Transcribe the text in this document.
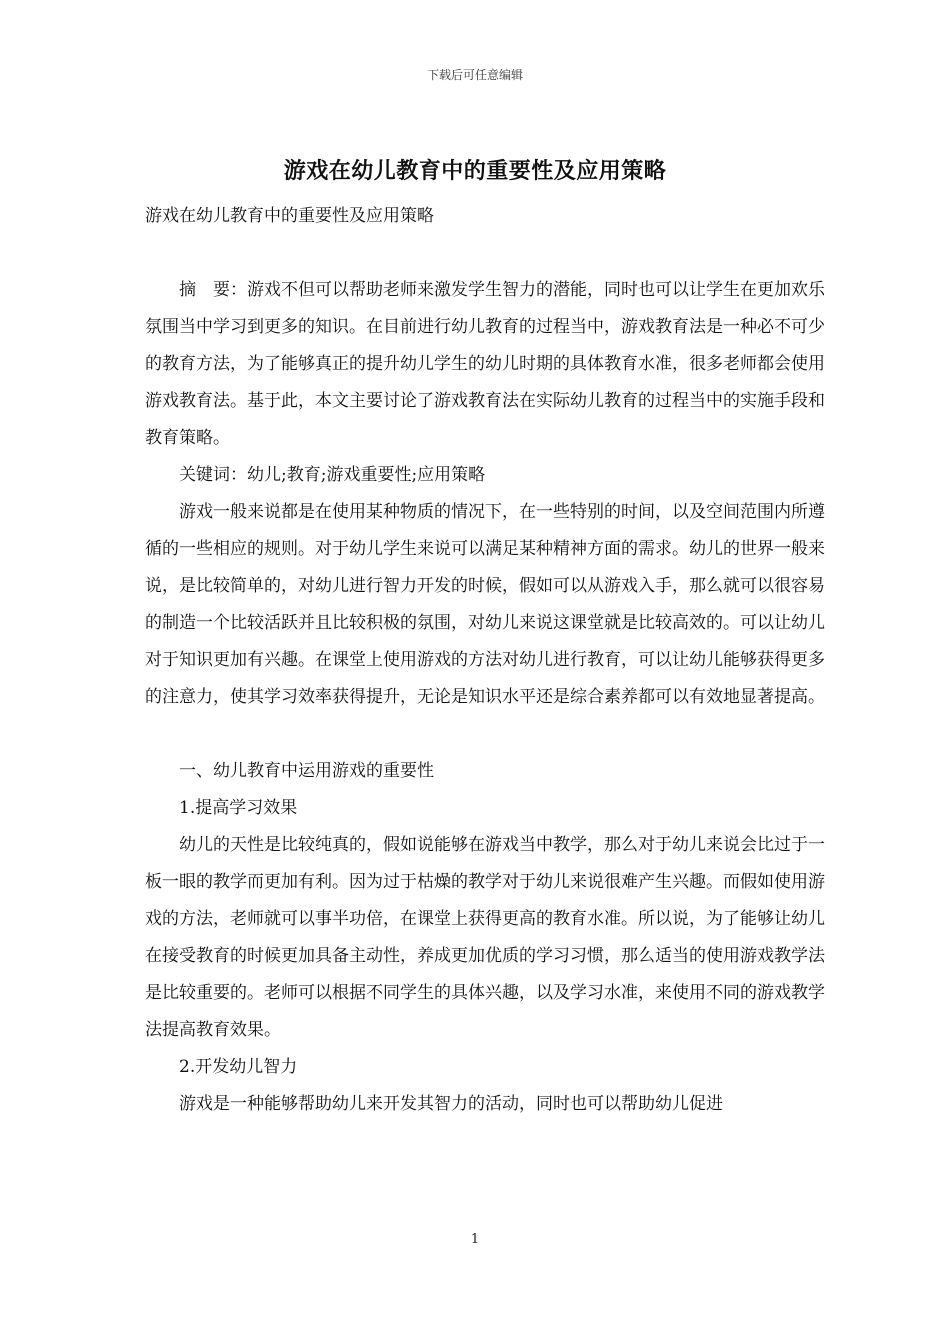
下载后可任意编辑
游戏在幼儿教育中的重要性及应用策略

游戏在幼儿教育中的重要性及应用策略

摘　要：游戏不但可以帮助老师来激发学生智力的潜能，同时也可以让学生在更加欢乐氛围当中学习到更多的知识。在目前进行幼儿教育的过程当中，游戏教育法是一种必不可少的教育方法，为了能够真正的提升幼儿学生的幼儿时期的具体教育水准，很多老师都会使用游戏教育法。基于此，本文主要讨论了游戏教育法在实际幼儿教育的过程当中的实施手段和教育策略。

关键词：幼儿;教育;游戏重要性;应用策略

游戏一般来说都是在使用某种物质的情况下，在一些特别的时间，以及空间范围内所遵循的一些相应的规则。对于幼儿学生来说可以满足某种精神方面的需求。幼儿的世界一般来说，是比较简单的，对幼儿进行智力开发的时候，假如可以从游戏入手，那么就可以很容易的制造一个比较活跃并且比较积极的氛围，对幼儿来说这课堂就是比较高效的。可以让幼儿对于知识更加有兴趣。在课堂上使用游戏的方法对幼儿进行教育，可以让幼儿能够获得更多的注意力，使其学习效率获得提升，无论是知识水平还是综合素养都可以有效地显著提高。

一、幼儿教育中运用游戏的重要性

1.提高学习效果

幼儿的天性是比较纯真的，假如说能够在游戏当中教学，那么对于幼儿来说会比过于一板一眼的教学而更加有利。因为过于枯燥的教学对于幼儿来说很难产生兴趣。而假如使用游戏的方法，老师就可以事半功倍，在课堂上获得更高的教育水准。所以说，为了能够让幼儿在接受教育的时候更加具备主动性，养成更加优质的学习习惯，那么适当的使用游戏教学法是比较重要的。老师可以根据不同学生的具体兴趣，以及学习水准，来使用不同的游戏教学法提高教育效果。

2.开发幼儿智力

游戏是一种能够帮助幼儿来开发其智力的活动，同时也可以帮助幼儿促进

1
